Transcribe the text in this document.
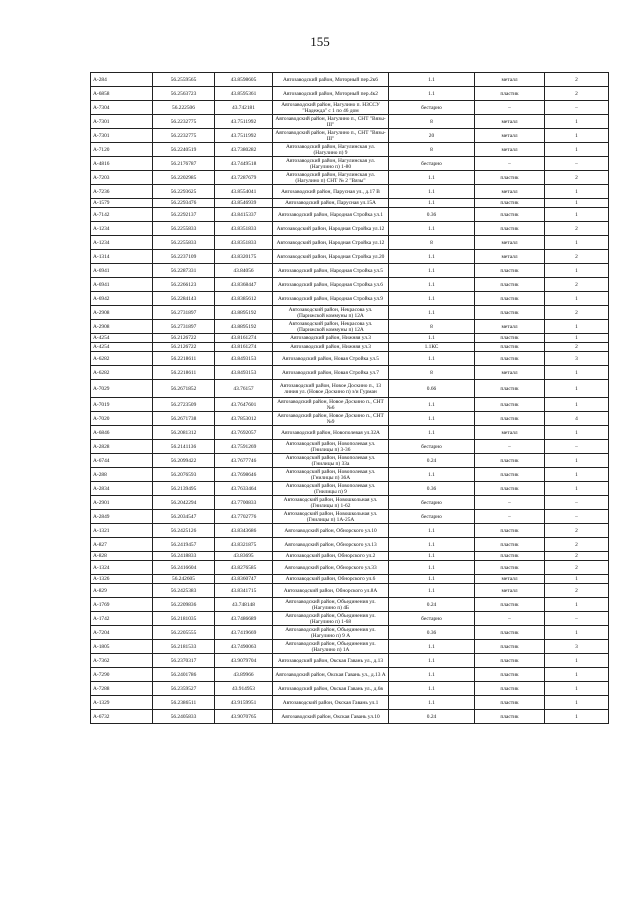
155
А-284	56.2559565	43.8598605	Автозаводский район, Моторный пер.2к6	1.1	металл	2
А-6858	56.2563723	43.8595361	Автозаводский район, Моторный пер.4к2	1.1	пластик	2
А-7304	56.222506	43.742181	Автозаводский район, Нагулино п. НЗССУ "Надежда" с 1 по 46 дом	бестарно	–	–
А-7301	56.2232775	43.7511992	Автозаводский район, Нагулино п., СНТ "Вязы-III"	8	металл	1
А-7301	56.2232775	43.7511992	Автозаводский район, Нагулино п., СНТ "Вязы-III"	20	металл	1
А-7120	56.2240519	43.7380282	Автозаводский район, Нагулинская ул. (Нагулино п) 9	8	металл	1
А-4816	56.2176787	43.7449518	Автозаводский район, Нагулинская ул. (Нагулино п) 1-80	бестарно	–	–
А-7203	56.2202985	43.7287679	Автозаводский район, Нагулинская ул. (Нагулино п) СНТ № 2 "Вязы"	1.1	пластик	2
А-7236	56.2293625	43.8554041	Автозаводский район, Парусная ул., д.17 В	1.1	металл	1
А-1579	56.2293476	43.8546939	Автозаводский район, Парусная ул.15А	1.1	пластик	1
А-7142	56.2292137	43.8415337	Автозаводский район, Народная Стройка ул.1	0.36	пластик	1
А-1234	56.2255833	43.8351833	Автозаводский район, Народная Стройка ул.12	1.1	пластик	2
А-1234	56.2255833	43.8351833	Автозаводский район, Народная Стройка ул.12	8	металл	1
А-1314	56.2237109	43.8320175	Автозаводский район, Народная Стройка ул.20	1.1	металл	2
А-6941	56.2287331	43.84056	Автозаводский район, Народная Стройка ул.5	1.1	пластик	1
А-6941	56.2266123	43.8368447	Автозаводский район, Народная Стройка ул.6	1.1	пластик	2
А-6942	56.2284143	43.8385612	Автозаводский район, Народная Стройка ул.9	1.1	пластик	1
А-2908	56.2731897	43.8895192	Автозаводский район, Некрасова ул. (Парижской коммуны п) 12А	1.1	пластик	2
А-2908	56.2731897	43.8895192	Автозаводский район, Некрасова ул. (Парижской коммуны п) 12А	8	металл	1
А-4254	56.2126722	43.8161274	Автозаводский район, Нижняя ул.3	1.1	пластик	1
А-4254	56.2126722	43.8161274	Автозаводский район, Нижняя ул.3	1.1КС	пластик	2
А-6282	56.2218611	43.8493153	Автозаводский район, Новая Стройка ул.5	1.1	пластик	3
А-6282	56.2218611	43.8493153	Автозаводский район, Новая Стройка ул.7	8	металл	1
А-7029	56.2671852	43.76157	Автозаводский район, Новое Доскино п., 13 линия ул. (Новое Доскино п) з/и Гурман	0.66	пластик	1
А-7019	56.2723509	43.7647601	Автозаводский район, Новое Доскино п., СНТ №6	1.1	пластик	1
А-7020	56.2671738	43.7853012	Автозаводский район, Новое Доскино п., СНТ №9	1.1	пластик	4
А-6846	56.2081312	43.7692057	Автозаводский район, Новополевая ул.32А	1.1	металл	1
А-2828	56.2141136	43.7591269	Автозаводский район, Новополевая ул. (Гнилицы п) 3-36	бестарно	–	–
А-6744	56.2099422	43.7677746	Автозаводский район, Новополевая ул. (Гнилицы п) 33а	0.24	пластик	1
А-288	56.2076593	43.7698646	Автозаводский район, Новополевая ул. (Гнилицы п) 36А	1.1	пластик	1
А-2834	56.2139495	43.7633464	Автозаводский район, Новополевая ул. (Гнилицы п) 9	0.36	пластик	1
А-2901	56.2042294	43.7700833	Автозаводский район, Новошкольная ул. (Гнилицы п) 1-62	бестарно	–	–
А-2849	56.2034547	43.7702776	Автозаводский район, Новошкольная ул. (Гнилицы п) 1А-25А	бестарно	–	–
А-1321	56.2425126	43.8343686	Автозаводский район, Обнорского ул.10	1.1	пластик	2
А-827	56.2419457	43.8321875	Автозаводский район, Обнорского ул.13	1.1	пластик	2
А-828	56.2418833	43.83695	Автозаводский район, Обнорского ул.2	1.1	пластик	2
А-1324	56.2416604	43.8276585	Автозаводский район, Обнорского ул.33	1.1	пластик	2
А-1326	56.242605	43.8360747	Автозаводский район, Обнорского ул.6	1.1	металл	1
А-829	56.2425383	43.8341715	Автозаводский район, Обнорского ул.8А	1.1	металл	2
А-1769	56.2209836	43.748148	Автозаводский район, Объединения ул. (Нагулино п) 4Б	0.24	пластик	1
А-1742	56.2181035	43.7486689	Автозаводский район, Объединения ул. (Нагулино п) 1-68	бестарно	–	–
А-7204	56.2205555	43.7419669	Автозаводский район, Объединения ул. (Нагулино п) 9 А	0.36	пластик	1
А-1805	56.2181533	43.7490063	Автозаводский район, Объединения ул. (Нагулино п) 1А	1.1	пластик	3
А-7362	56.2370317	43.9079704	Автозаводский район, Окская Гавань ул., д.13	1.1	пластик	1
А-7290	56.2401786	43.89966	Автозаводский район, Окская Гавань ул., д.13 А	1.1	пластик	1
А-7288	56.2359527	43.914953	Автозаводский район, Окская Гавань ул., д.6в	1.1	пластик	1
А-1329	56.2386511	43.9159951	Автозаводский район, Окская Гавань ул.1	1.1	пластик	1
А-6732	56.2405833	43.9070765	Автозаводский район, Окская Гавань ул.10	0.24	пластик	1
